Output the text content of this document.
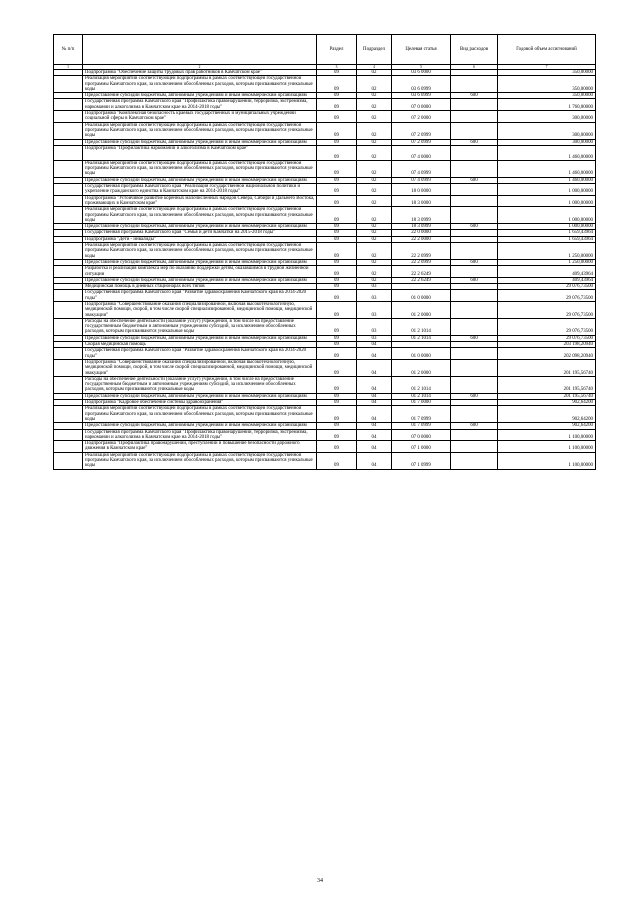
№ п/п		Раздел	Подраздел	Целевая статья	Вид расходов	Годовой объем ассигнований
1	2	3	4	5	6	7
	Подпрограмма "Обеспечение защиты трудовых прав работников в Камчатском крае"	09	02	03 6 0000		350,00000
	Реализация мероприятий соответствующей подпрограммы в рамках соответствующей государственной программы Камчатского края, за исключением обособленных расходов, которым присваиваются уникальные коды	09	02	03 6 0999		350,00000
	Предоставление субсидий бюджетным, автономным учреждениям и иным некоммерческим организациям	09	02	03 6 0999	600	350,00000
	Государственная программа Камчатского края "Профилактика правонарушений, терроризма, экстремизма, наркомании и алкоголизма в Камчатском крае на 2014-2018 годы"	09	02	07 0 0000		1 760,00000
	Подпрограмма "Комплексная безопасность краевых государственных и муниципальных учреждений социальной сферы в Камчатском крае"	09	02	07 2 0000		300,00000
	Реализация мероприятий соответствующей подпрограммы в рамках соответствующей государственной программы Камчатского края, за исключением обособленных расходов, которым присваиваются уникальные коды	09	02	07 2 0999		300,00000
	Предоставление субсидий бюджетным, автономным учреждениям и иным некоммерческим организациям	09	02	07 2 0999	600	300,00000
	Подпрограмма "Профилактика наркомании и алкоголизма в Камчатском крае"	09	02	07 4 0000		1 460,00000
	Реализация мероприятий соответствующей подпрограммы в рамках соответствующей государственной программы Камчатского края, за исключением обособленных расходов, которым присваиваются уникальные коды	09	02	07 4 0999		1 460,00000
	Предоставление субсидий бюджетным, автономным учреждениям и иным некоммерческим организациям	09	02	07 4 0999	600	1 460,00000
	Государственная программа Камчатского края "Реализация государственной национальной политики и укрепление гражданского единства в Камчатском крае на 2014-2018 годы"	09	02	18 0 0000		1 000,00000
	Подпрограмма "Устойчивое развитие коренных малочисленных народов Севера, Сибири и Дальнего Востока, проживающих в Камчатском крае"	09	02	18 3 0000		1 000,00000
	Реализация мероприятий соответствующей подпрограммы в рамках соответствующей государственной программы Камчатского края, за исключением обособленных расходов, которым присваиваются уникальные коды	09	02	18 3 0999		1 000,00000
	Предоставление субсидий бюджетным, автономным учреждениям и иным некоммерческим организациям	09	02	18 3 0999	600	1 000,00000
	Государственная программа Камчатского края "Семья и дети Камчатки на 2015-2018 годы"	09	02	22 0 0000		1 659,43964
	Подпрограмма "Дети - инвалиды"	09	02	22 2 0000		1 659,43964
	Реализация мероприятий соответствующей подпрограммы в рамках соответствующей государственной программы Камчатского края, за исключением обособленных расходов, которым присваиваются уникальные коды	09	02	22 2 0999		1 250,00000
	Предоставление субсидий бюджетным, автономным учреждениям и иным некоммерческим организациям	09	02	22 2 0999	600	1 250,00000
	Разработка и реализация комплекса мер по оказанию поддержки детям, оказавшимся в трудной жизненной ситуации	09	02	22 2 6249		409,43964
	Предоставление субсидий бюджетным, автономным учреждениям и иным некоммерческим организациям	09	02	22 2 6249	600	409,43964
	Медицинская помощь в дневных стационарах всех типов	09	03			29 076,73500
	Государственная программа Камчатского края "Развитие здравоохранения Камчатского края на 2014-2020 годы"	09	03	01 0 0000		29 076,73500
	Подпрограмма "Совершенствование оказания специализированной, включая высокотехнологичную, медицинской помощи, скорой, в том числе скорой специализированной, медицинской помощи, медицинской эвакуации"	09	03	01 2 0000		29 076,73500
	Расходы на обеспечение деятельности (оказание услуг) учреждений, в том числе на предоставление государственным бюджетным и автономным учреждениям субсидий, за исключением обособленных расходов, которым присваиваются уникальные коды	09	03	01 2 1014		29 076,73500
	Предоставление субсидий бюджетным, автономным учреждениям и иным некоммерческим организациям	09	03	01 2 1014	600	29 076,73500
	Скорая медицинская помощь	09	04			203 198,20940
	Государственная программа Камчатского края "Развитие здравоохранения Камчатского края на 2014-2020 годы"	09	04	01 0 0000		202 098,20940
	Подпрограмма "Совершенствование оказания специализированной, включая высокотехнологичную, медицинской помощи, скорой, в том числе скорой специализированной, медицинской помощи, медицинской эвакуации"	09	04	01 2 0000		201 195,56740
	Расходы на обеспечение деятельности (оказание услуг) учреждений, в том числе на предоставление государственным бюджетным и автономным учреждениям субсидий, за исключением обособленных расходов, которым присваиваются уникальные коды	09	04	01 2 1014		201 195,56740
	Предоставление субсидий бюджетным, автономным учреждениям и иным некоммерческим организациям	09	04	01 2 1014	600	201 195,56740
	Подпрограмма "Кадровое обеспечение системы здравоохранения"	09	04	01 7 0000		902,64200
	Реализация мероприятий соответствующей подпрограммы в рамках соответствующей государственной программы Камчатского края, за исключением обособленных расходов, которым присваиваются уникальные коды	09	04	01 7 0999		902,64200
	Предоставление субсидий бюджетным, автономным учреждениям и иным некоммерческим организациям	09	04	01 7 0999	600	902,64200
	Государственная программа Камчатского края "Профилактика правонарушений, терроризма, экстремизма, наркомании и алкоголизма в Камчатском крае на 2014-2018 годы"	09	04	07 0 0000		1 100,00000
	Подпрограмма "Профилактика правонарушений, преступлений и повышение безопасности дорожного движения в Камчатском крае"	09	04	07 1 0000		1 100,00000
	Реализация мероприятий соответствующей подпрограммы в рамках соответствующей государственной программы Камчатского края, за исключением обособленных расходов, которым присваиваются уникальные коды	09	04	07 1 0999		1 100,00000
34
